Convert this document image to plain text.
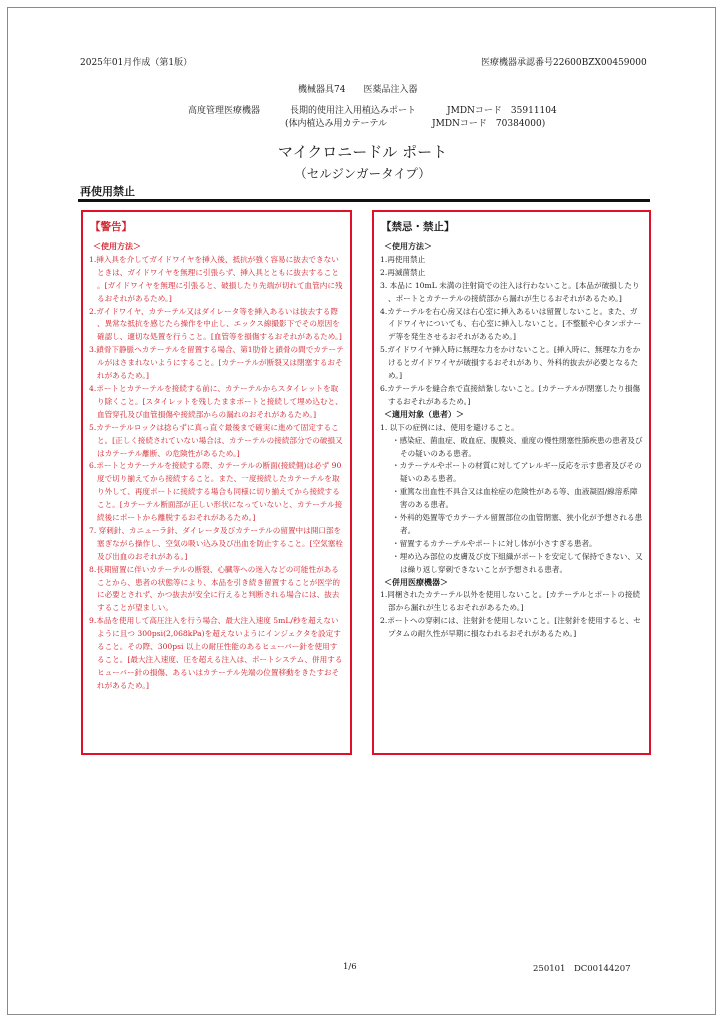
2025年01月作成（第1版）	医療機器承認番号22600BZX00459000
機械器具74　　医薬品注入器
高度管理医療機器	長期的使用注入用植込みポート	JMDNコード　35911104
(体内植込み用カテーテル	JMDNコード　70384000)
マイクロニードル ポート
（セルジンガータイプ）
再使用禁止
【警告】
＜使用方法＞
1.挿入具を介してガイドワイヤを挿入後、抵抗が強く容易に抜去できないときは、ガイドワイヤを無理に引張らず、挿入具とともに抜去すること。[ガイドワイヤを無理に引張ると、破損したり先端が切れて血管内に残るおそれがあるため。]
2.ガイドワイヤ、カテーテル又はダイレータ等を挿入あるいは抜去する際、異常な抵抗を感じたら操作を中止し、エックス線撮影下でその原因を確認し、適切な処置を行うこと。[血管等を損傷するおそれがあるため。]
3.鎖骨下静脈へカテーテルを留置する場合、第1肋骨と鎖骨の間でカテーテルがはさまれないようにすること。[カテーテルが断裂又は閉塞するおそれがあるため。]
4.ポートとカテーテルを接続する前に、カテーテルからスタイレットを取り除くこと。[スタイレットを残したままポートと接続して埋め込むと、血管穿孔及び血管損傷や接続部からの漏れのおそれがあるため。]
5.カテーテルロックは捻らずに真っ直ぐ最後まで確実に進めて固定すること。[正しく接続されていない場合は、カテーテルの接続部分での破損又はカテーテル離断、の危険性があるため。]
6.ポートとカテーテルを接続する際、カテーテルの断面(接続側)は必ず 90 度で切り揃えてから接続すること。また、一度接続したカテーテルを取り外して、再度ポートに接続する場合も同様に切り揃えてから接続すること。[カテーテル断面部が正しい形状になっていないと、カテーテル接続後にポートから離脱するおそれがあるため。]
7. 穿刺針、カニューラ針、ダイレータ及びカテーテルの留置中は開口部を塞ぎながら操作し、空気の吸い込み及び出血を防止すること。[空気塞栓及び出血のおそれがある。]
8.長期留置に伴いカテーテルの断裂、心臓等への迷入などの可能性があることから、患者の状態等により、本品を引き続き留置することが医学的に必要とされず、かつ抜去が安全に行えると判断される場合には、抜去することが望ましい。
9.本品を使用して高圧注入を行う場合、最大注入速度 5mL/秒を超えないように且つ 300psi(2,068kPa)を超えないようにインジェクタを設定すること。その際、300psi 以上の耐圧性能のあるヒューバー針を使用すること。[最大注入速度、圧を超える注入は、ポートシステム、併用するヒューバー針の損傷、あるいはカテーテル先端の位置移動をきたすおそれがあるため。]
【禁忌・禁止】
＜使用方法＞
1.再使用禁止
2.再滅菌禁止
3. 本品に 10mL 未満の注射筒での注入は行わないこと。[本品が破損したり、ポートとカテーテルの接続部から漏れが生じるおそれがあるため。]
4.カテーテルを右心房又は右心室に挿入あるいは留置しないこと。また、ガイドワイヤについても、右心室に挿入しないこと。[不整脈や心タンポナーデ等を発生させるおそれがあるため。]
5.ガイドワイヤ挿入時に無理な力をかけないこと。[挿入時に、無理な力をかけるとガイドワイヤが破損するおそれがあり、外科的抜去が必要となるため。]
6.カテーテルを縫合糸で直接結紮しないこと。[カテーテルが閉塞したり損傷するおそれがあるため。]
＜適用対象（患者）＞
1. 以下の症例には、使用を避けること。
・感染症、菌血症、敗血症、腹膜炎、重度の慢性閉塞性肺疾患の患者及びその疑いのある患者。
・カテーテルやポートの材質に対してアレルギー反応を示す患者及びその疑いのある患者。
・重篤な出血性不具合又は血栓症の危険性がある等、血液凝固/線溶系障害のある患者。
・外科的処置等でカテーテル留置部位の血管閉塞、狭小化が予想される患者。
・留置するカテーテルやポートに対し体が小さすぎる患者。
・埋め込み部位の皮膚及び皮下組織がポートを安定して保持できない、又は繰り返し穿刺できないことが予想される患者。
＜併用医療機器＞
1.同梱されたカテーテル以外を使用しないこと。[カテーテルとポートの接続部から漏れが生じるおそれがあるため。]
2.ポートへの穿刺には、注射針を使用しないこと。[注射針を使用すると、セプタムの耐久性が早期に損なわれるおそれがあるため。]
1/6	250101　DC00144207
